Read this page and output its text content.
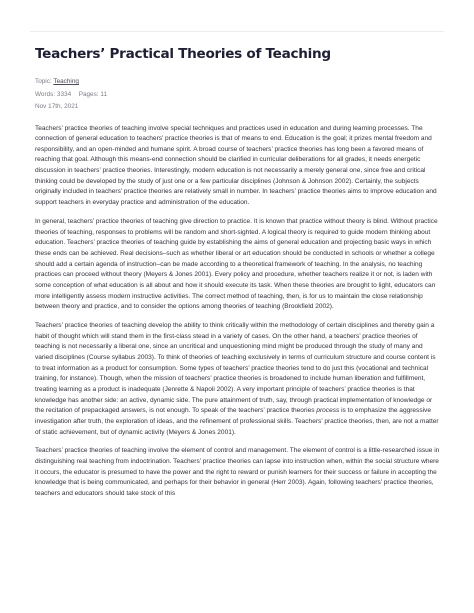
Teachers’ Practical Theories of Teaching
Topic: Teaching
Words: 3334 Pages: 11
Nov 17th, 2021

Teachers’ practice theories of teaching involve special techniques and practices used in education and during learning processes. The connection of general education to teachers’ practice theories is that of means to end. Education is the goal; it prizes mental freedom and responsibility, and an open-minded and humane spirit. A broad course of teachers’ practice theories has long been a favored means of reaching that goal. Although this means-end connection should be clarified in curricular deliberations for all grades, it needs energetic discussion in teachers’ practice theories. Interestingly, modern education is not necessarily a merely general one, since free and critical thinking could be developed by the study of just one or a few particular disciplines (Johnson & Johnson 2002). Certainly, the subjects originally included in teachers’ practice theories are relatively small in number. In teachers’ practice theories aims to improve education and support teachers in everyday practice and administration of the education.

In general, teachers’ practice theories of teaching give direction to practice. It is known that practice without theory is blind. Without practice theories of teaching, responses to problems will be random and short-sighted. A logical theory is required to guide modern thinking about education. Teachers’ practice theories of teaching guide by establishing the aims of general education and projecting basic ways in which these ends can be achieved. Real decisions–such as whether liberal or art education should be conducted in schools or whether a college should add a certain agenda of instruction–can be made according to a theoretical framework of teaching. In the analysis, no teaching practices can proceed without theory (Meyers & Jones 2001). Every policy and procedure, whether teachers realize it or not, is laden with some conception of what education is all about and how it should execute its task. When these theories are brought to light, educators can more intelligently assess modern instructive activities. The correct method of teaching, then, is for us to maintain the close relationship between theory and practice, and to consider the options among theories of teaching (Brookfield 2002).

Teachers’ practice theories of teaching develop the ability to think critically within the methodology of certain disciplines and thereby gain a habit of thought which will stand them in the first-class stead in a variety of cases. On the other hand, a teachers’ practice theories of teaching is not necessarily a liberal one, since an uncritical and unquestioning mind might be produced through the study of many and varied disciplines (Course syllabus 2003). To think of theories of teaching exclusively in terms of curriculum structure and course content is to treat information as a product for consumption. Some types of teachers’ practice theories tend to do just this (vocational and technical training, for instance). Though, when the mission of teachers’ practice theories is broadened to include human liberation and fulfillment, treating learning as a product is inadequate (Jenrette & Napoli 2002). A very important principle of teachers’ practice theories is that knowledge has another side: an active, dynamic side. The pure attainment of truth, say, through practical implementation of knowledge or the recitation of prepackaged answers, is not enough. To speak of the teachers’ practice theories process is to emphasize the aggressive investigation after truth, the exploration of ideas, and the refinement of professional skills. Teachers’ practice theories, then, are not a matter of static achievement, but of dynamic activity (Meyers & Jones 2001).

Teachers’ practice theories of teaching involve the element of control and management. The element of control is a little-researched issue in distinguishing real teaching from indoctrination. Teachers’ practice theories can lapse into instruction when, within the social structure where it occurs, the educator is presumed to have the power and the right to reward or punish learners for their success or failure in accepting the knowledge that is being communicated, and perhaps for their behavior in general (Herr 2003). Again, following teachers’ practice theories, teachers and educators should take stock of this
